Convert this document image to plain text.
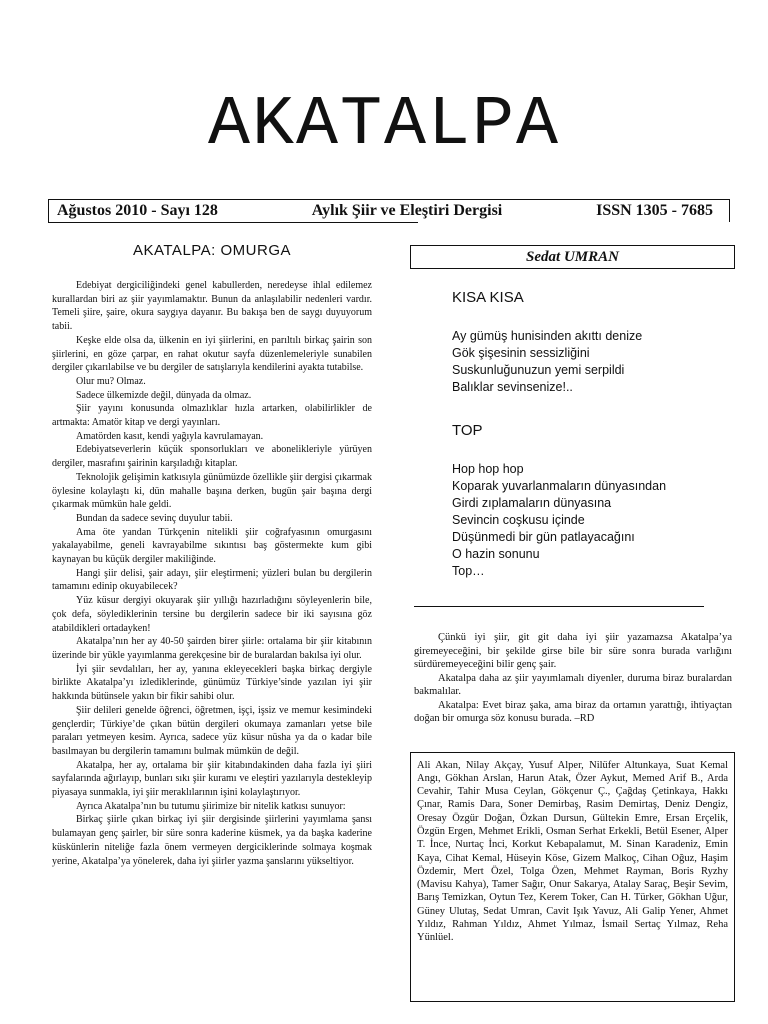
AKATALPA
Ağustos 2010 - Sayı 128	Aylık Şiir ve Eleştiri Dergisi	ISSN 1305 - 7685
AKATALPA: OMURGA

Edebiyat dergiciliğindeki genel kabullerden, neredeyse ihlal edilemez kurallardan biri az şiir yayımlamaktır. Bunun da anlaşılabilir nedenleri vardır. Temeli şiire, şaire, okura saygıya dayanır. Bu bakışa ben de saygı duyuyorum tabii.

Keşke elde olsa da, ülkenin en iyi şiirlerini, en parıltılı birkaç şairin son şiirlerini, en göze çarpar, en rahat okutur sayfa düzenlemeleriyle sunabilen dergiler çıkarılabilse ve bu dergiler de satışlarıyla kendilerini ayakta tutabilse.

Olur mu? Olmaz.

Sadece ülkemizde değil, dünyada da olmaz.

Şiir yayını konusunda olmazlıklar hızla artarken, olabilirlikler de artmakta: Amatör kitap ve dergi yayınları.

Amatörden kasıt, kendi yağıyla kavrulamayan.

Edebiyatseverlerin küçük sponsorlukları ve abonelikleriyle yürüyen dergiler, masrafını şairinin karşıladığı kitaplar.

Teknolojik gelişimin katkısıyla günümüzde özellikle şiir dergisi çıkarmak öylesine kolaylaştı ki, dün mahalle başına derken, bugün şair başına dergi çıkarmak mümkün hale geldi.

Bundan da sadece sevinç duyulur tabii.

Ama öte yandan Türkçenin nitelikli şiir coğrafyasının omurgasını yakalayabilme, geneli kavrayabilme sıkıntısı baş göstermekte kum gibi kaynayan bu küçük dergiler makiliğinde.

Hangi şiir delisi, şair adayı, şiir eleştirmeni; yüzleri bulan bu dergilerin tamamını edinip okuyabilecek?

Yüz küsur dergiyi okuyarak şiir yıllığı hazırladığını söyleyenlerin bile, çok defa, söylediklerinin tersine bu dergilerin sadece bir iki sayısına göz atabildikleri ortadayken!

Akatalpa’nın her ay 40-50 şairden birer şiirle: ortalama bir şiir kitabının üzerinde bir yükle yayımlanma gerekçesine bir de buralardan bakılsa iyi olur.

İyi şiir sevdalıları, her ay, yanına ekleyecekleri başka birkaç dergiyle birlikte Akatalpa’yı izlediklerinde, günümüz Türkiye’sinde yazılan iyi şiir hakkında bütünsele yakın bir fikir sahibi olur.

Şiir delileri genelde öğrenci, öğretmen, işçi, işsiz ve memur kesimindeki gençlerdir; Türkiye’de çıkan bütün dergileri okumaya zamanları yetse bile paraları yetmeyen kesim. Ayrıca, sadece yüz küsur nüsha ya da o kadar bile basılmayan bu dergilerin tamamını bulmak mümkün de değil.

Akatalpa, her ay, ortalama bir şiir kitabındakinden daha fazla iyi şiiri sayfalarında ağırlayıp, bunları sıkı şiir kuramı ve eleştiri yazılarıyla destekleyip piyasaya sunmakla, iyi şiir meraklılarının işini kolaylaştırıyor.

Ayrıca Akatalpa’nın bu tutumu şiirimize bir nitelik katkısı sunuyor:

Birkaç şiirle çıkan birkaç iyi şiir dergisinde şiirlerini yayımlama şansı bulamayan genç şairler, bir süre sonra kaderine küsmek, ya da başka kaderine küskünlerin niteliğe fazla önem vermeyen dergiciklerinde solmaya koşmak yerine, Akatalpa’ya yönelerek, daha iyi şiirler yazma şanslarını yükseltiyor.

Sedat UMRAN
KISA KISA
Ay gümüş hunisinden akıttı denize
Gök şişesinin sessizliğini
Suskunluğunuzun yemi serpildi
Balıklar sevinsenize!..
TOP
Hop hop hop
Koparak yuvarlanmaların dünyasından
Girdi zıplamaların dünyasına
Sevincin coşkusu içinde
Düşünmedi bir gün patlayacağını
O hazin sonunu
Top…

Çünkü iyi şiir, git git daha iyi şiir yazamazsa Akatalpa’ya giremeyeceğini, bir şekilde girse bile bir süre sonra burada varlığını sürdüremeyeceğini bilir genç şair.

Akatalpa daha az şiir yayımlamalı diyenler, duruma biraz buralardan bakmalılar.

Akatalpa: Evet biraz şaka, ama biraz da ortamın yarattığı, ihtiyaçtan doğan bir omurga söz konusu burada. –RD

Ali Akan, Nilay Akçay, Yusuf Alper, Nilüfer Altunkaya, Suat Kemal Angı, Gökhan Arslan, Harun Atak, Özer Aykut, Memed Arif B., Arda Cevahir, Tahir Musa Ceylan, Gökçenur Ç., Çağdaş Çetinkaya, Hakkı Çınar, Ramis Dara, Soner Demirbaş, Rasim Demirtaş, Deniz Dengiz, Oresay Özgür Doğan, Özkan Dursun, Gültekin Emre, Ersan Erçelik, Özgün Ergen, Mehmet Erikli, Osman Serhat Erkekli, Betül Esener, Alper T. İnce, Nurtaç İnci, Korkut Kebapalamut, M. Sinan Karadeniz, Emin Kaya, Cihat Kemal, Hüseyin Köse, Gizem Malkoç, Cihan Oğuz, Haşim Özdemir, Mert Özel, Tolga Özen, Mehmet Rayman, Boris Ryzhy (Mavisu Kahya), Tamer Sağır, Onur Sakarya, Atalay Saraç, Beşir Sevim, Barış Temizkan, Oytun Tez, Kerem Toker, Can H. Türker, Gökhan Uğur, Güney Ulutaş, Sedat Umran, Cavit Işık Yavuz, Ali Galip Yener, Ahmet Yıldız, Rahman Yıldız, Ahmet Yılmaz, İsmail Sertaç Yılmaz, Reha Yünlüel.
